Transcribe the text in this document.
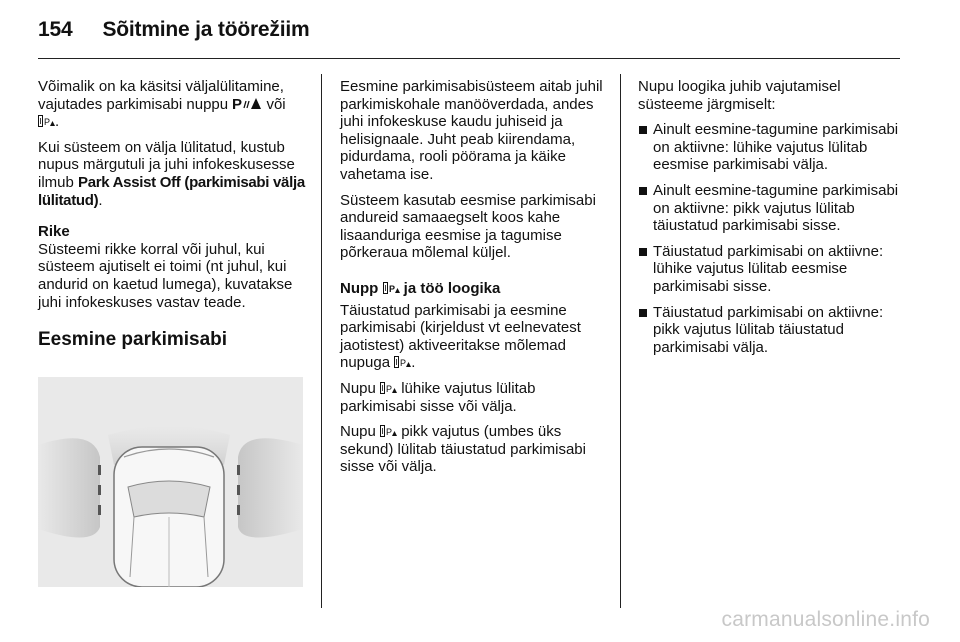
154 Sõitmine ja töörežiim

Võimalik on ka käsitsi väljalülitamine, vajutades parkimisabi nuppu P või
P .

Kui süsteem on välja lülitatud, kustub nupus märgutuli ja juhi infokeskusesse ilmub Park Assist Off (parkimisabi välja lülitatud).

Rike

Süsteemi rikke korral või juhul, kui süsteem ajutiselt ei toimi (nt juhul, kui andurid on kaetud lumega), kuvatakse juhi infokeskuses vastav teade.

Eesmine parkimisabi

Eesmine parkimisabisüsteem aitab juhil parkimiskohale manööverdada, andes juhi infokeskuse kaudu juhiseid ja helisignaale. Juht peab kiirendama, pidurdama, rooli pöörama ja käike vahetama ise.

Süsteem kasutab eesmise parkimisabi andureid samaaegselt koos kahe lisaanduriga eesmise ja tagumise põrkeraua mõlemal küljel.

Nupp P ja töö loogika

Täiustatud parkimisabi ja eesmine parkimisabi (kirjeldust vt eelnevatest jaotistest) aktiveeritakse mõlemad nupuga P .

Nupu P lühike vajutus lülitab parkimisabi sisse või välja.

Nupu P pikk vajutus (umbes üks sekund) lülitab täiustatud parkimisabi sisse või välja.

Nupu loogika juhib vajutamisel süsteeme järgmiselt:

Ainult eesmine-tagumine parkimisabi on aktiivne: lühike vajutus lülitab eesmise parkimisabi välja.
Ainult eesmine-tagumine parkimisabi on aktiivne: pikk vajutus lülitab täiustatud parkimisabi sisse.
Täiustatud parkimisabi on aktiivne: lühike vajutus lülitab eesmise parkimisabi sisse.
Täiustatud parkimisabi on aktiivne: pikk vajutus lülitab täiustatud parkimisabi välja.
carmanualsonline.info
